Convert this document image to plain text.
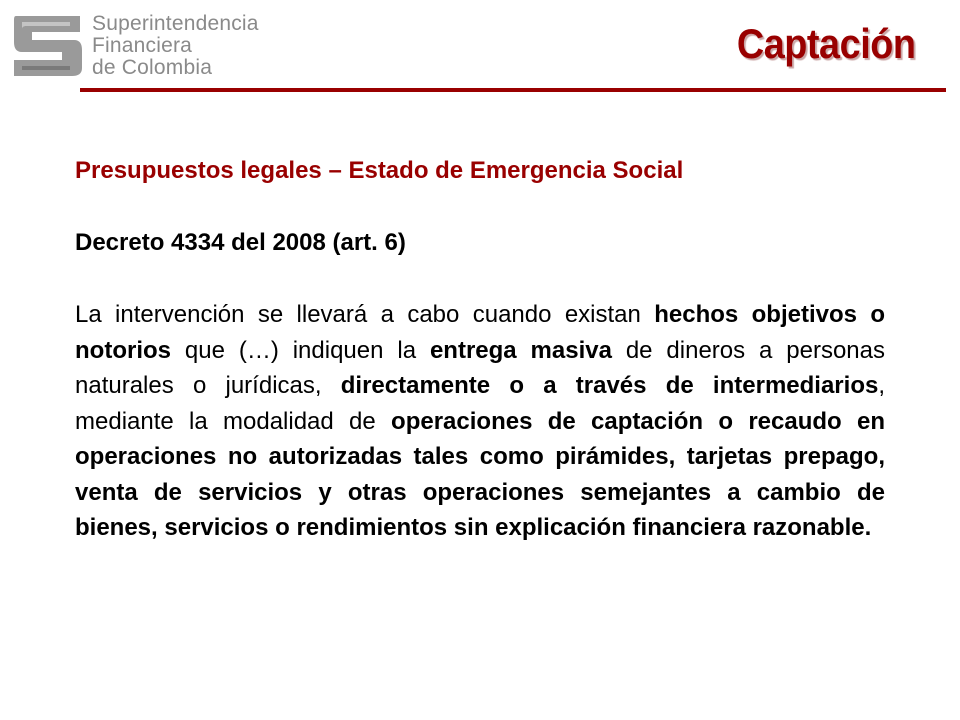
Superintendencia
Financiera
de Colombia
Captación

Presupuestos legales – Estado de Emergencia Social

Decreto 4334 del 2008 (art. 6)

La intervención se llevará a cabo cuando existan hechos objetivos o notorios que (…) indiquen la entrega masiva de dineros a personas naturales o jurídicas, directamente o a través de intermediarios, mediante la modalidad de operaciones de captación o recaudo en operaciones no autorizadas tales como pirámides, tarjetas prepago, venta de servicios y otras operaciones semejantes a cambio de bienes, servicios o rendimientos sin explicación financiera razonable.
